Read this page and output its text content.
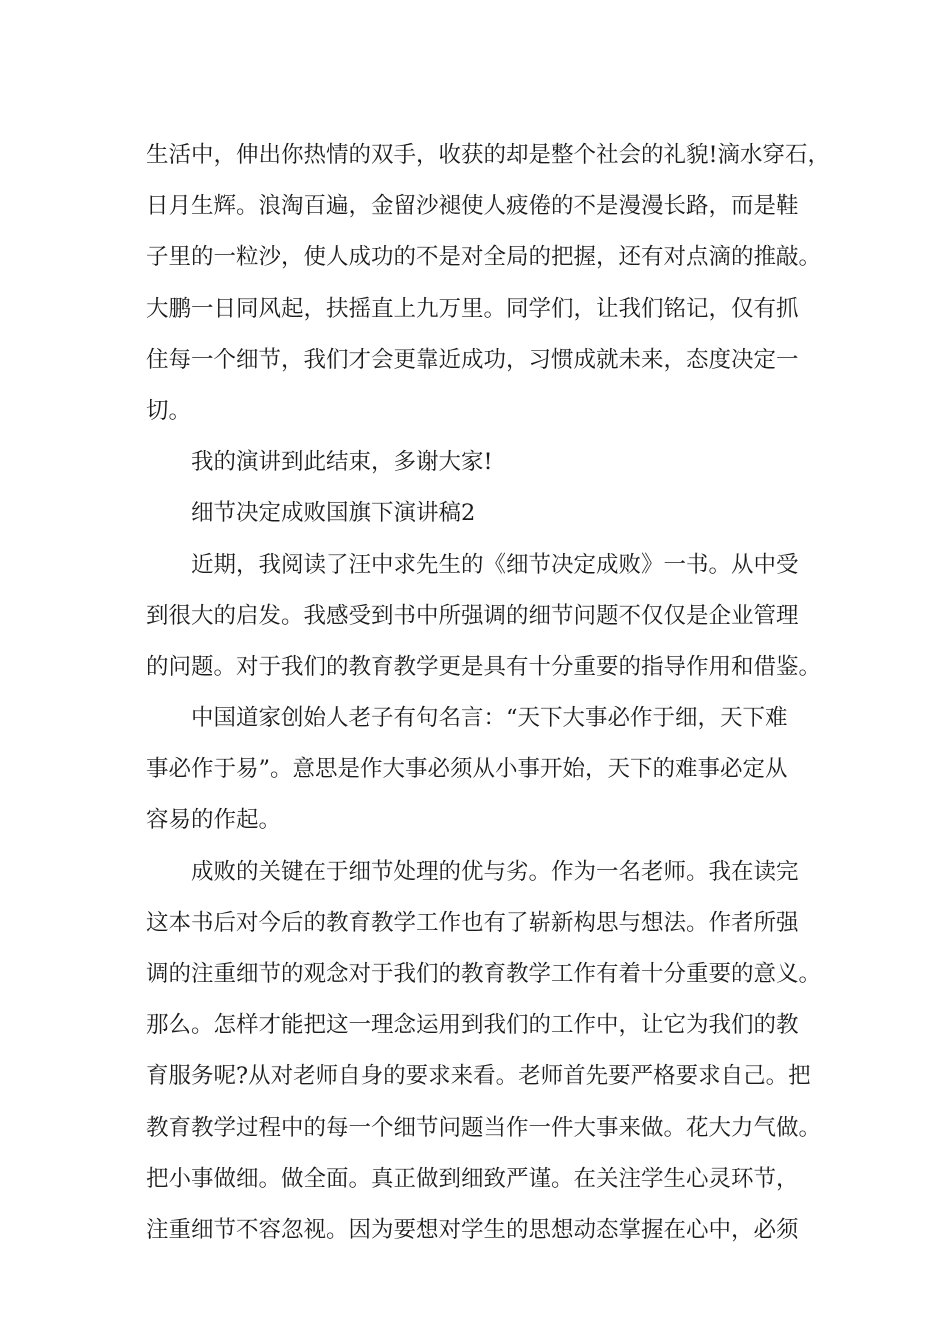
生活中，伸出你热情的双手，收获的却是整个社会的礼貌!滴水穿石，
日月生辉。浪淘百遍，金留沙褪使人疲倦的不是漫漫长路，而是鞋
子里的一粒沙，使人成功的不是对全局的把握，还有对点滴的推敲。
大鹏一日同风起，扶摇直上九万里。同学们，让我们铭记，仅有抓
住每一个细节，我们才会更靠近成功，习惯成就未来，态度决定一
切。
我的演讲到此结束，多谢大家!
细节决定成败国旗下演讲稿2
近期，我阅读了汪中求先生的《细节决定成败》一书。从中受
到很大的启发。我感受到书中所强调的细节问题不仅仅是企业管理
的问题。对于我们的教育教学更是具有十分重要的指导作用和借鉴。
中国道家创始人老子有句名言：“天下大事必作于细，天下难
事必作于易”。意思是作大事必须从小事开始，天下的难事必定从
容易的作起。
成败的关键在于细节处理的优与劣。作为一名老师。我在读完
这本书后对今后的教育教学工作也有了崭新构思与想法。作者所强
调的注重细节的观念对于我们的教育教学工作有着十分重要的意义。
那么。怎样才能把这一理念运用到我们的工作中，让它为我们的教
育服务呢?从对老师自身的要求来看。老师首先要严格要求自己。把
教育教学过程中的每一个细节问题当作一件大事来做。花大力气做。
把小事做细。做全面。真正做到细致严谨。在关注学生心灵环节，
注重细节不容忽视。因为要想对学生的思想动态掌握在心中，必须
